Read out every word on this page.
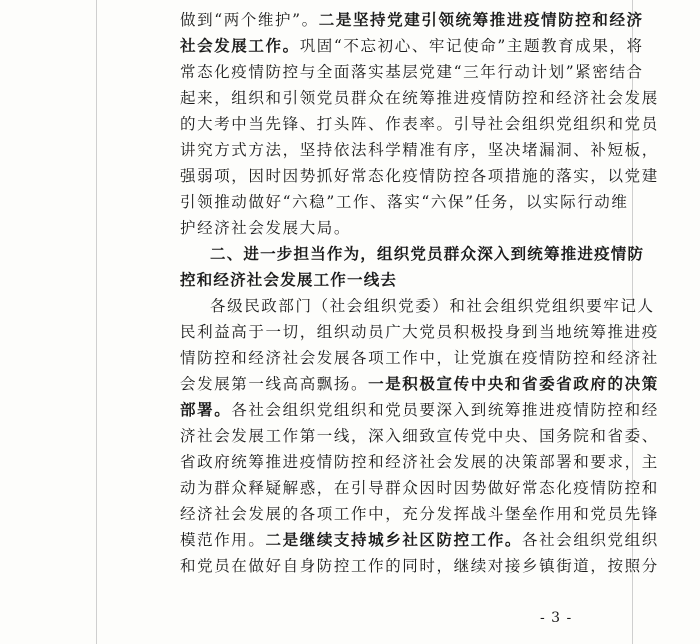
做到“两个维护”。二是坚持党建引领统筹推进疫情防控和经济
社会发展工作。巩固“不忘初心、牢记使命”主题教育成果，将
常态化疫情防控与全面落实基层党建“三年行动计划”紧密结合
起来，组织和引领党员群众在统筹推进疫情防控和经济社会发展
的大考中当先锋、打头阵、作表率。引导社会组织党组织和党员
讲究方式方法，坚持依法科学精准有序，坚决堵漏洞、补短板，
强弱项，因时因势抓好常态化疫情防控各项措施的落实，以党建
引领推动做好“六稳”工作、落实“六保”任务，以实际行动维
护经济社会发展大局。
二、进一步担当作为，组织党员群众深入到统筹推进疫情防
控和经济社会发展工作一线去
各级民政部门（社会组织党委）和社会组织党组织要牢记人
民利益高于一切，组织动员广大党员积极投身到当地统筹推进疫
情防控和经济社会发展各项工作中，让党旗在疫情防控和经济社
会发展第一线高高飘扬。一是积极宣传中央和省委省政府的决策
部署。各社会组织党组织和党员要深入到统筹推进疫情防控和经
济社会发展工作第一线，深入细致宣传党中央、国务院和省委、
省政府统筹推进疫情防控和经济社会发展的决策部署和要求，主
动为群众释疑解惑，在引导群众因时因势做好常态化疫情防控和
经济社会发展的各项工作中，充分发挥战斗堡垒作用和党员先锋
模范作用。二是继续支持城乡社区防控工作。各社会组织党组织
和党员在做好自身防控工作的同时，继续对接乡镇街道，按照分
- 3 -
